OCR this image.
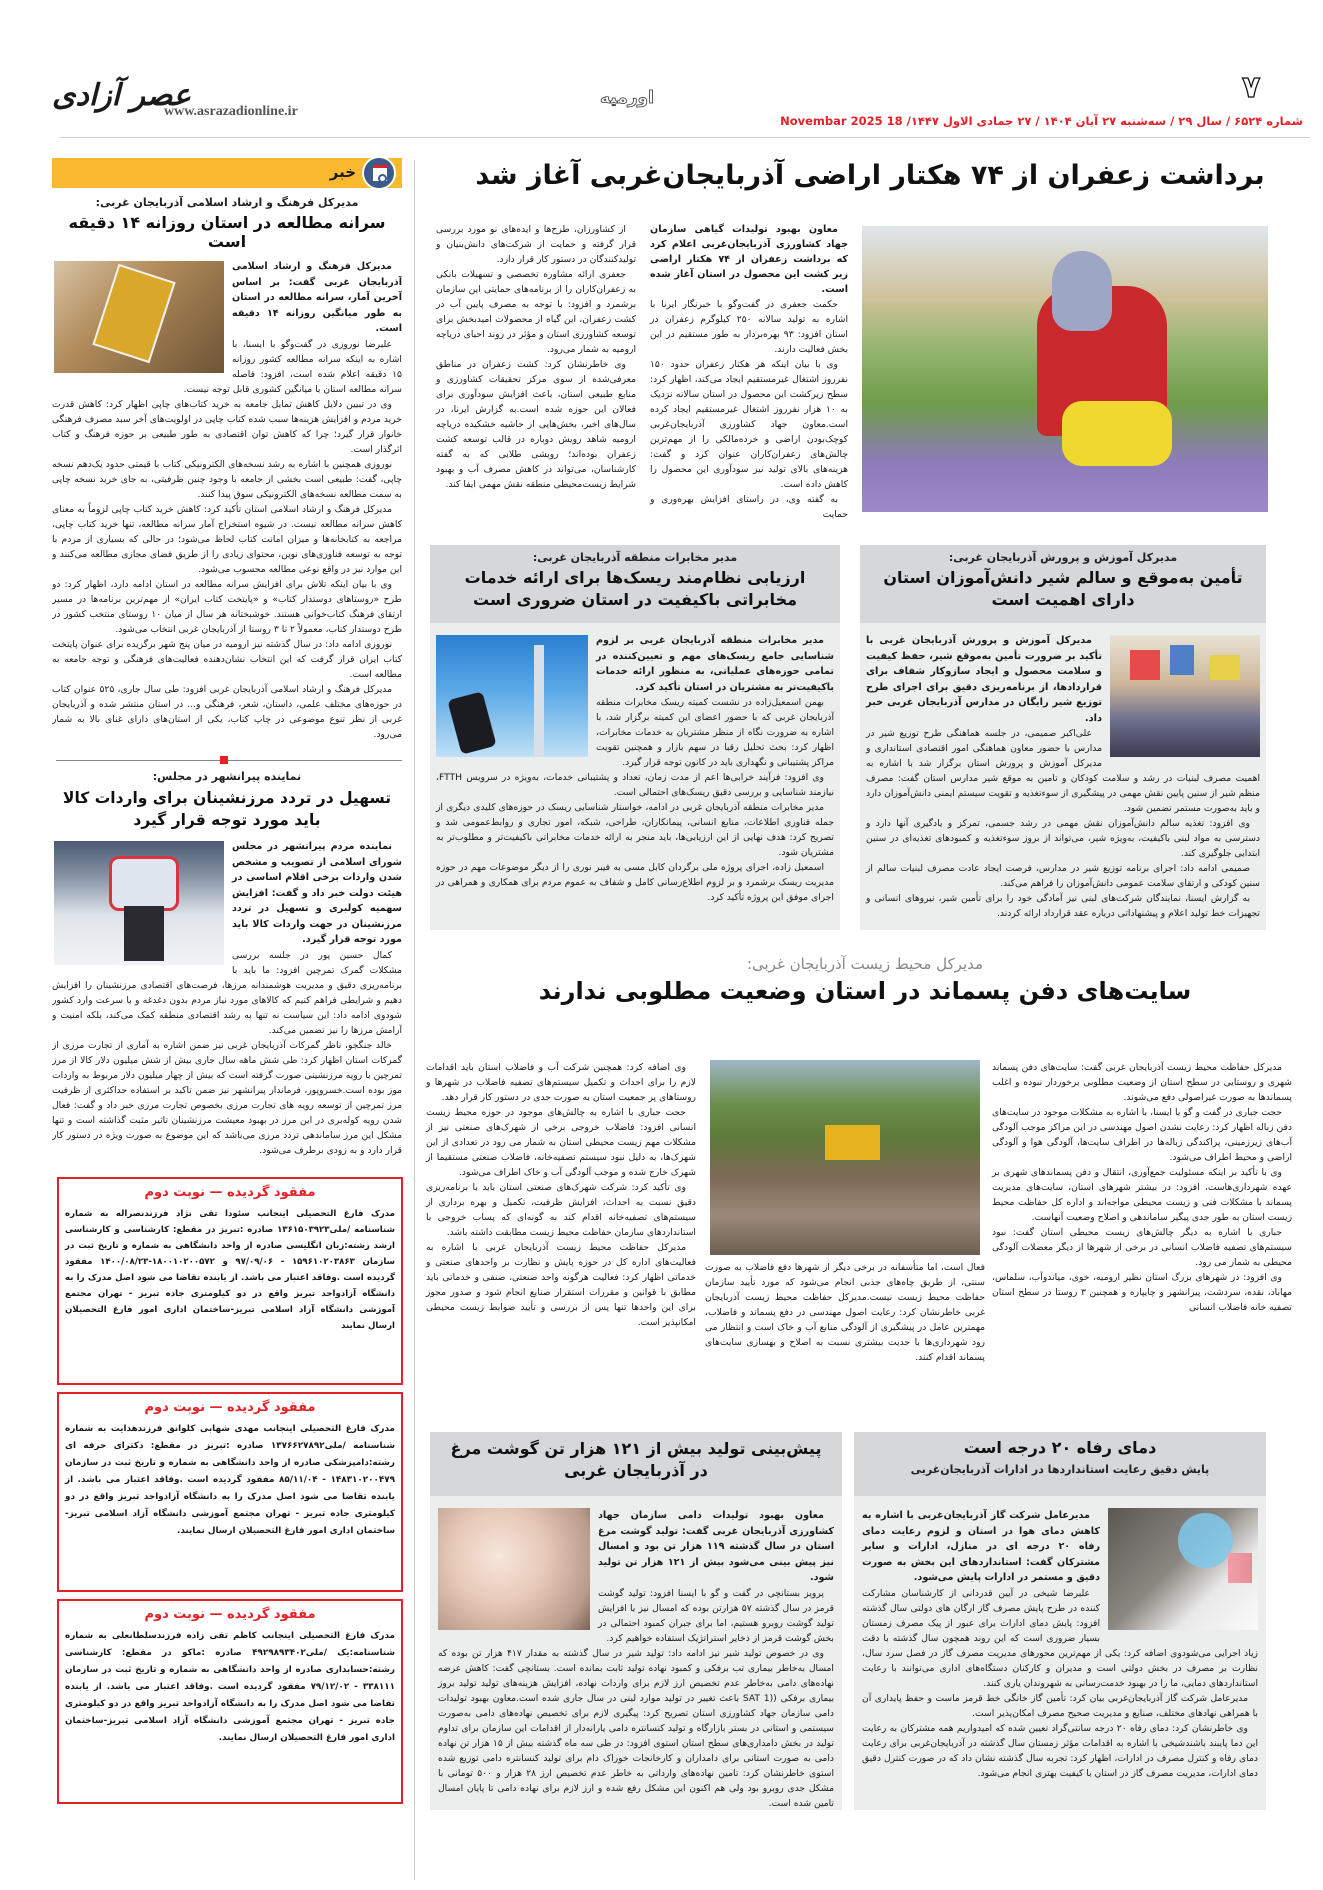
عصر آزادی
www.asrazadionline.ir
اورمیه	۷
شماره ۶۵۲۴ / سال ۲۹ / سه‌شنبه ۲۷ آبان ۱۴۰۴ / ۲۷ جمادی الاول ۱۴۴۷/ 18 Novembar 2025
برداشت زعفران از ۷۴ هکتار اراضی آذربایجان‌غربی آغاز شد

معاون بهبود تولیدات گیاهی سازمان جهاد کشاورزی آذربایجان‌غربی اعلام کرد که برداشت زعفران از ۷۴ هکتار اراضی زیر کشت این محصول در استان آغاز شده است.

حکمت جعفری در گفت‌وگو با خبرنگار ایرنا با اشاره به تولید سالانه ۲۵۰ کیلوگرم زعفران در استان افزود: ۹۳ بهره‌بردار به طور مستقیم در این بخش فعالیت دارند.

وی با بیان اینکه هر هکتار زعفران حدود ۱۵۰ نفرروز اشتغال غیرمستقیم ایجاد می‌کند، اظهار کرد: سطح زیرکشت این محصول در استان سالانه نزدیک به ۱۰ هزار نفرروز اشتغال غیرمستقیم ایجاد کرده است.معاون جهاد کشاورزی آذربایجان‌غربی کوچک‌بودن اراضی و خرده‌مالکی را از مهم‌ترین چالش‌های زعفران‌کاران عنوان کرد و گفت: هزینه‌های بالای تولید نیز سودآوری این محصول را کاهش داده است.

به گفته وی، در راستای افزایش بهره‌وری و حمایت

از کشاورزان، طرح‌ها و ایده‌های نو مورد بررسی قرار گرفته و حمایت از شرکت‌های دانش‌بنیان و تولیدکنندگان در دستور کار قرار دارد.

جعفری ارائه مشاوره تخصصی و تسهیلات بانکی به زعفران‌کاران را از برنامه‌های حمایتی این سازمان برشمرد و افزود: با توجه به مصرف پایین آب در کشت زعفران، این گیاه از محصولات امیدبخش برای توسعه کشاورزی استان و مؤثر در روند احیای دریاچه ارومیه به شمار می‌رود.

وی خاطرنشان کرد: کشت زعفران در مناطق معرفی‌شده از سوی مرکز تحقیقات کشاورزی و منابع طبیعی استان، باعث افزایش سودآوری برای فعالان این حوزه شده است.به گزارش ایرنا، در سال‌های اخیر، بخش‌هایی از حاشیه خشکیده دریاچه ارومیه شاهد رویش دوباره در قالب توسعه کشت زعفران بوده‌اند؛ رویشی طلایی که به گفته کارشناسان، می‌تواند در کاهش مصرف آب و بهبود شرایط زیست‌محیطی منطقه نقش مهمی ایفا کند.

مدیرکل آموزش و پرورش آذربایجان غربی:
تأمین به‌موقع و سالم شیر دانش‌آموزان استان دارای اهمیت است

مدیرکل آموزش و پرورش آذربایجان غربی با تأکید بر ضرورت تأمین به‌موقع شیر، حفظ کیفیت و سلامت محصول و ایجاد سازوکار شفاف برای قراردادها، از برنامه‌ریزی دقیق برای اجرای طرح توزیع شیر رایگان در مدارس آذربایجان غربی خبر داد.

علی‌اکبر صمیمی، در جلسه هماهنگی طرح توزیع شیر در مدارس با حضور معاون هماهنگی امور اقتصادی استانداری و مدیرکل آموزش و پرورش استان برگزار شد با اشاره به اهمیت مصرف لبنیات در رشد و سلامت کودکان و تامین به موقع شیر مدارس استان گفت: مصرف منظم شیر از سنین پایین نقش مهمی در پیشگیری از سوءتغذیه و تقویت سیستم ایمنی دانش‌آموزان دارد و باید به‌صورت مستمر تضمین شود.

وی افزود: تغذیه سالم دانش‌آموزان نقش مهمی در رشد جسمی، تمرکز و یادگیری آنها دارد و دسترسی به مواد لبنی باکیفیت، به‌ویژه شیر، می‌تواند از بروز سوءتغذیه و کمبودهای تغذیه‌ای در سنین ابتدایی جلوگیری کند.

صمیمی ادامه داد: اجرای برنامه توزیع شیر در مدارس، فرصت ایجاد عادت مصرف لبنیات سالم از سنین کودکی و ارتقای سلامت عمومی دانش‌آموزان را فراهم می‌کند.

به گزارش ایسنا، نمایندگان شرکت‌های لبنی نیز آمادگی خود را برای تأمین شیر، نیروهای انسانی و تجهیزات خط تولید اعلام و پیشنهاداتی درباره عقد قرارداد ارائه کردند.

مدیر مخابرات منطقه آذربایجان غربی:
ارزیابی نظام‌مند ریسک‌ها برای ارائه خدمات مخابراتی باکیفیت در استان ضروری است

مدیر مخابرات منطقه آذربایجان غربی بر لزوم شناسایی جامع ریسک‌های مهم و تعیین‌کننده در تمامی حوزه‌های عملیاتی، به منظور ارائه خدمات باکیفیت‌تر به مشتریان در استان تأکید کرد.

بهمن اسمعیل‌زاده در نشست کمیته ریسک مخابرات منطقه آذربایجان غربی که با حضور اعضای این کمیته برگزار شد، با اشاره به ضرورت نگاه از منظر مشتریان به خدمات مخابرات، اظهار کرد: بحث تحلیل رقبا در سهم بازار و همچنین تقویت مراکز پشتیبانی و نگهداری باید در کانون توجه قرار گیرد.

وی افزود: فرآیند خرابی‌ها اعم از مدت زمان، تعداد و پشتیبانی خدمات، به‌ویژه در سرویس FTTH، نیازمند شناسایی و بررسی دقیق ریسک‌های احتمالی است.

مدیر مخابرات منطقه آذربایجان غربی در ادامه، خواستار شناسایی ریسک در حوزه‌های کلیدی دیگری از جمله فناوری اطلاعات، منابع انسانی، پیمانکاران، طراحی، شبکه، امور تجاری و روابط‌عمومی شد و تصریح کرد: هدف نهایی از این ارزیابی‌ها، باید منجر به ارائه خدمات مخابراتی باکیفیت‌تر و مطلوب‌تر به مشتریان شود.

اسمعیل زاده، اجرای پروژه ملی برگردان کابل مسی به فیبر نوری را از دیگر موضوعات مهم در حوزه مدیریت ریسک برشمرد و بر لزوم اطلاع‌رسانی کامل و شفاف به عموم مردم برای همکاری و همراهی در اجرای موفق این پروژه تأکید کرد.

مدیرکل محیط زیست آذربایجان غربی:
سایت‌های دفن پسماند در استان وضعیت مطلوبی ندارند

مدیرکل حفاظت محیط زیست آذربایجان غربی گفت: سایت‌های دفن پسماند شهری و روستایی در سطح استان از وضعیت مطلوبی برخوردار نبوده و اغلب پسماندها به صورت غیراصولی دفع می‌شوند.

حجت جباری در گفت و گو با ایسنا، با اشاره به مشکلات موجود در سایت‌های دفن زباله اظهار کرد: رعایت نشدن اصول مهندسی در این مراکز موجب آلودگی آب‌های زیرزمینی، پراکندگی زباله‌ها در اطراف سایت‌ها، آلودگی هوا و آلودگی اراضی و محیط اطراف می‌شود.

وی با تأکید بر اینکه مسئولیت جمع‌آوری، انتقال و دفن پسماندهای شهری بر عهده شهرداری‌هاست، افزود: در بیشتر شهرهای استان، سایت‌های مدیریت پسماند با مشکلات فنی و زیست محیطی مواجه‌اند و اداره کل حفاظت محیط زیست استان به طور جدی پیگیر ساماندهی و اصلاح وضعیت آنهاست.

جباری با اشاره به دیگر چالش‌های زیست محیطی استان گفت: نبود سیستم‌های تصفیه فاضلاب انسانی در برخی از شهرها از دیگر معضلات آلودگی محیطی به شمار می رود.

وی افزود: در شهرهای بزرگ استان نظیر ارومیه، خوی، میاندوآب، سلماس، مهاباد، نقده، سردشت، پیرانشهر و چایپاره و همچنین ۳ روستا در سطح استان تصفیه خانه فاضلاب انسانی

فعال است، اما متأسفانه در برخی دیگر از شهرها دفع فاضلاب به صورت سنتی، از طریق چاه‌های جذبی انجام می‌شود که مورد تأیید سازمان حفاظت محیط زیست نیست.مدیرکل حفاظت محیط زیست آذربایجان غربی خاطرنشان کرد: رعایت اصول مهندسی در دفع پسماند و فاضلاب، مهمترین عامل در پیشگیری از آلودگی منابع آب و خاک است و انتظار می رود شهرداری‌ها با جدیت بیشتری نسبت به اصلاح و بهسازی سایت‌های پسماند اقدام کنند.

وی اضافه کرد: همچنین شرکت آب و فاضلاب استان باید اقدامات لازم را برای احداث و تکمیل سیستم‌های تصفیه فاضلاب در شهرها و روستاهای پر جمعیت استان به صورت جدی در دستور کار قرار دهد.

حجت جباری با اشاره به چالش‌های موجود در حوزه محیط زیست انسانی افزود: فاضلاب خروجی برخی از شهرک‌های صنعتی نیز از مشکلات مهم زیست محیطی استان به شمار می رود در تعدادی از این شهرک‌ها، به دلیل نبود سیستم تصفیه‌خانه، فاضلاب صنعتی مستقیما از شهرک خارج شده و موجب آلودگی آب و خاک اطراف می‌شود.

وی تأکید کرد: شرکت شهرک‌های صنعتی استان باید با برنامه‌ریزی دقیق نسبت به احداث، افزایش ظرفیت، تکمیل و بهره برداری از سیستم‌های تصفیه‌خانه اقدام کند به گونه‌ای که پساب خروجی با استانداردهای سازمان حفاظت محیط زیست مطابقت داشته باشد.

مدیرکل حفاظت محیط زیست آذربایجان غربی با اشاره به فعالیت‌های اداره کل در حوزه پایش و نظارت بر واحدهای صنعتی و خدماتی اظهار کرد: فعالیت هرگونه واحد صنعتی، صنفی و خدماتی باید مطابق با قوانین و مقررات استقرار صنایع انجام شود و صدور مجوز برای این واحدها تنها پس از بررسی و تأیید ضوابط زیست محیطی امکانپذیر است.

دمای رفاه ۲۰ درجه است
پایش دقیق رعایت استانداردها در ادارات آذربایجان‌غربی

مدیرعامل شرکت گاز آذربایجان‌غربی با اشاره به کاهش دمای هوا در استان و لزوم رعایت دمای رفاه ۲۰ درجه ای در منازل، ادارات و سایر مشترکان گفت: استانداردهای این بخش به صورت دقیق و مستمر در ادارات پایش می‌شود.

علیرضا شیخی در آیین قدردانی از کارشناسان مشارکت کننده در طرح پایش مصرف گاز ارگان های دولتی سال گذشته افزود: پایش دمای ادارات برای عبور از پیک مصرف زمستان بسیار ضروری است که این روند همچون سال گذشته با دقت زیاد اجرایی می‌شودوی اضافه کرد: یکی از مهم‌ترین محورهای مدیریت مصرف گاز در فصل سرد سال، نظارت بر مصرف در بخش دولتی است و مدیران و کارکنان دستگاه‌های اداری می‌توانند با رعایت استانداردهای دمایی، ما را در بهبود خدمت‌رسانی به شهروندان یاری کنند.

مدیرعامل شرکت گاز آذربایجان‌غربی بیان کرد: تأمین گاز خانگی خط قرمز ماست و حفظ پایداری آن با همراهی نهادهای مختلف، صنایع و مدیریت صحیح مصرف امکان‌پذیر است.

وی خاطرنشان کرد: دمای رفاه ۲۰ درجه سانتی‌گراد تعیین شده که امیدواریم همه مشترکان به رعایت این دما پایبند باشندشیخی با اشاره به اقدامات مؤثر زمستان سال گذشته در آذربایجان‌غربی برای رعایت دمای رفاه و کنترل مصرف در ادارات، اظهار کرد: تجربه سال گذشته نشان داد که در صورت کنترل دقیق دمای ادارات، مدیریت مصرف گاز در استان با کیفیت بهتری انجام می‌شود.

پیش‌بینی تولید بیش از ۱۲۱ هزار تن گوشت مرغ در آذربایجان غربی

معاون بهبود تولیدات دامی سازمان جهاد کشاورزی آذربایجان غربی گفت: تولید گوشت مرغ استان در سال گذشته ۱۱۹ هزار تن بود و امسال نیز پیش بینی می‌شود بیش از ۱۲۱ هزار تن تولید شود.

پرویز بستانچی در گفت و گو با ایسنا افزود: تولید گوشت قرمز در سال گذشته ۵۷ هزارتن بوده که امسال نیز با افزایش تولید گوشت روبرو هستیم، اما برای جبران کمبود احتمالی در بخش گوشت قرمز از ذخایر استراتژیک استفاده خواهیم کرد.

وی در خصوص تولید شیر نیز ادامه داد: تولید شیر در سال گذشته به مقدار ۴۱۷ هزار تن بوده که امسال به‌خاطر بیماری تب برفکی و کمبود نهاده تولید ثابت بمانده است. بستانچی گفت: کاهش عرضه نهاده‌های دامی به‌خاطر عدم تخصیص ارز لازم برای واردات نهاده، افزایش هزینه‌های تولید تولید بروز بیماری برفکی ((SAT 1 باعث تغییر در تولید موارد لبنی در سال جاری شده است.معاون بهبود تولیدات دامی سازمان جهاد کشاورزی استان تصریح کرد: پیگیری لازم برای تخصیص نهاده‌های دامی به‌صورت سیستمی و استانی در بستر بازارگاه و تولید کنسانتره دامی یارانه‌دار از اقدامات این سازمان برای تداوم تولید در بخش دامداری‌های سطح استان استوی افزود: در طی سه ماه گذشته بیش از ۱۵ هزار تن نهاده دامی به صورت استانی برای دامداران و کارخانجات خوراک دام برای تولید کنسانتره دامی توزیع شده استوی خاطرنشان کرد: تامین نهاده‌های وارداتی به خاطر عدم تخصیص ارز ۲۸ هزار و ۵۰۰ تومانی با مشکل جدی روبرو بود ولی هم اکنون این مشکل رفع شده و ارز لازم برای نهاده دامی تا پایان امسال تامین شده است.

خبر
مدیرکل فرهنگ و ارشاد اسلامی آذربایجان غربی:
سرانه مطالعه در استان روزانه ۱۴ دقیقه است

مدیرکل فرهنگ و ارشاد اسلامی آذربایجان غربی گفت: بر اساس آخرین آمار، سرانه مطالعه در استان به طور میانگین روزانه ۱۴ دقیقه است.

علیرضا نوروزی در گفت‌وگو با ایسنا، با اشاره به اینکه سرانه مطالعه کشور روزانه ۱۵ دقیقه اعلام شده است، افزود: فاصله سرانه مطالعه استان با میانگین کشوری قابل توجه نیست.

وی در تبیین دلایل کاهش تمایل جامعه به خرید کتاب‌های چاپی اظهار کرد: کاهش قدرت خرید مردم و افزایش هزینه‌ها سبب شده کتاب چاپی در اولویت‌های آخر سبد مصرف فرهنگی خانوار قرار گیرد؛ چرا که کاهش توان اقتصادی به طور طبیعی بر حوزه فرهنگ و کتاب اثرگذار است.

نوروزی همچنین با اشاره به رشد نسخه‌های الکترونیکی کتاب با قیمتی حدود یک‌دهم نسخه چاپی، گفت: طبیعی است بخشی از جامعه با وجود چنین ظرفیتی، به جای خرید نسخه چاپی به سمت مطالعه نسخه‌های الکترونیکی سوق پیدا کنند.

مدیرکل فرهنگ و ارشاد اسلامی استان تأکید کرد: کاهش خرید کتاب چاپی لزوماً به معنای کاهش سرانه مطالعه نیست. در شیوه استخراج آمار سرانه مطالعه، تنها خرید کتاب چاپی، مراجعه به کتابخانه‌ها و میزان امانت کتاب لحاظ می‌شود؛ در حالی که بسیاری از مردم با توجه به توسعه فناوری‌های نوین، محتوای زیادی را از طریق فضای مجازی مطالعه می‌کنند و این موارد نیز در واقع نوعی مطالعه محسوب می‌شود.

وی با بیان اینکه تلاش برای افزایش سرانه مطالعه در استان ادامه دارد، اظهار کرد: دو طرح «روستاهای دوستدار کتاب» و «پایتخت کتاب ایران» از مهم‌ترین برنامه‌ها در مسیر ارتقای فرهنگ کتاب‌خوانی هستند. خوشبختانه هر سال از میان ۱۰ روستای منتخب کشور در طرح دوستدار کتاب، معمولاً ۲ تا ۳ روستا از آذربایجان غربی انتخاب می‌شود.

نوروزی ادامه داد: در سال گذشته نیز ارومیه در میان پنج شهر برگزیده برای عنوان پایتخت کتاب ایران قرار گرفت که این انتخاب نشان‌دهنده فعالیت‌های فرهنگی و توجه جامعه به مطالعه است.

مدیرکل فرهنگ و ارشاد اسلامی آذربایجان غربی افزود: طی سال جاری، ۵۲۵ عنوان کتاب در حوزه‌های مختلف علمی، داستان، شعر، فرهنگی و... در استان منتشر شده و آذربایجان غربی از نظر تنوع موضوعی در چاپ کتاب، یکی از استان‌های دارای غنای بالا به شمار می‌رود.

نماینده پیرانشهر در مجلس:
تسهیل در تردد مرزنشینان برای واردات کالا باید مورد توجه قرار گیرد

نماینده مردم پیرانشهر در مجلس شورای اسلامی از تصویب و مشخص شدن واردات برخی اقلام اساسی در هیئت دولت خبر داد و گفت: افزایش سهمیه کولبری و تسهیل در تردد مرزنشینان در جهت واردات کالا باید مورد توجه قرار گیرد.

کمال حسین پور در جلسه بررسی مشکلات گمرک تمرچین افزود: ما باید با برنامه‌ریزی دقیق و مدیریت هوشمندانه مرزها، فرصت‌های اقتصادی مرزنشینان را افزایش دهیم و شرایطی فراهم کنیم که کالاهای مورد نیاز مردم بدون دغدغه و با سرعت وارد کشور شودوی ادامه داد: این سیاست نه تنها به رشد اقتصادی منطقه کمک می‌کند، بلکه امنیت و آرامش مرزها را نیز تضمین می‌کند.

خالد جنگجو، ناظر گمرکات آذربایجان غربی نیز ضمن اشاره به آماری از تجارت مرزی از گمرکات استان اظهار کرد: طی شش ماهه سال جاری بیش از شش میلیون دلار کالا از مرز تمرچین با رویه مرزنشینی صورت گرفته است که بیش از چهار میلیون دلار مربوط به واردات موز بوده است.خسروپور، فرماندار پیرانشهر نیز ضمن تاکید بر استفاده حداکثری از ظرفیت مرز تمرچین از توسعه رویه های تجارت مرزی بخصوص تجارت مرزی خبر داد و گفت: فعال شدن رویه کوله‌بری در این مرز در بهبود معیشت مرزنشینان تاثیر مثبت گذاشته است و تنها مشکل این مرز ساماندهی تردد مرزی می‌باشد که این موضوع به صورت ویژه در دستور کار قرار دارد و به زودی برطرف می‌شود.

مفقود گردیده — نوبت دوم

مدرک فارغ التحصیلی اینجانب سئودا تقی نژاد فرزندنصراله به شماره شناسنامه /ملی۱۳۶۱۵۰۳۹۲۳ صادره :تبریز در مقطع: کارشناسی و کارشناسی ارشد رشته:زبان انگلیسی صادره از واحد دانشگاهی به شماره و تاریخ ثبت در سازمان ۱۵۹۶۱۰۲۰۳۸۶۳ - ۹۷/۰۹/۰۶ و ۱۸۰۰۱۰۲۰۰۵۷۲-۱۴۰۰/۰۸/۲۳ مفقود گردیده است .وفاقد اعتبار می باشد. از یابنده تقاضا می شود اصل مدرک را به دانشگاه آزادواحد تبریز واقع در دو کیلومتری جاده تبریز - تهران مجتمع آموزشی دانشگاه آزاد اسلامی تبریز-ساختمان اداری امور فارغ التحصیلان ارسال نمایند

مفقود گردیده — نوبت دوم

مدرک فارغ التحصیلی اینجانب مهدی شهابی کلوانق فرزندهدایت به شماره شناسنامه /ملی۱۳۷۶۶۲۷۸۹۲ صادره :تبریز در مقطع: دکترای حرفه ای رشته:دامپزشکی صادره از واحد دانشگاهی به شماره و تاریخ ثبت در سازمان ۱۴۸۳۱۰۲۰۰۴۷۹ - ۸۵/۱۱/۰۴ مفقود گردیده است .وفاقد اعتبار می باشد. از یابنده تقاضا می شود اصل مدرک را به دانشگاه آزادواحد تبریز واقع در دو کیلومتری جاده تبریز - تهران مجتمع آموزشی دانشگاه آزاد اسلامی تبریز-ساختمان اداری امور فارغ التحصیلان ارسال نمایند.

مفقود گردیده — نوبت دوم

مدرک فارغ التحصیلی اینجانب کاظم تقی زاده فرزندسلطانعلی به شماره شناسنامه:یک /ملی۴۹۲۹۸۹۳۴۰۲ صادره :ماکو در مقطع: کارشناسی رشته:حسابداری صادره از واحد دانشگاهی به شماره و تاریخ ثبت در سازمان ۳۳۸۱۱۱ - ۷۹/۱۲/۰۲ مفقود گردیده است .وفاقد اعتبار می باشد. از یابنده تقاضا می شود اصل مدرک را به دانشگاه آزادواحد تبریز واقع در دو کیلومتری جاده تبریز - تهران مجتمع آموزشی دانشگاه آزاد اسلامی تبریز-ساختمان اداری امور فارغ التحصیلان ارسال نمایند.
